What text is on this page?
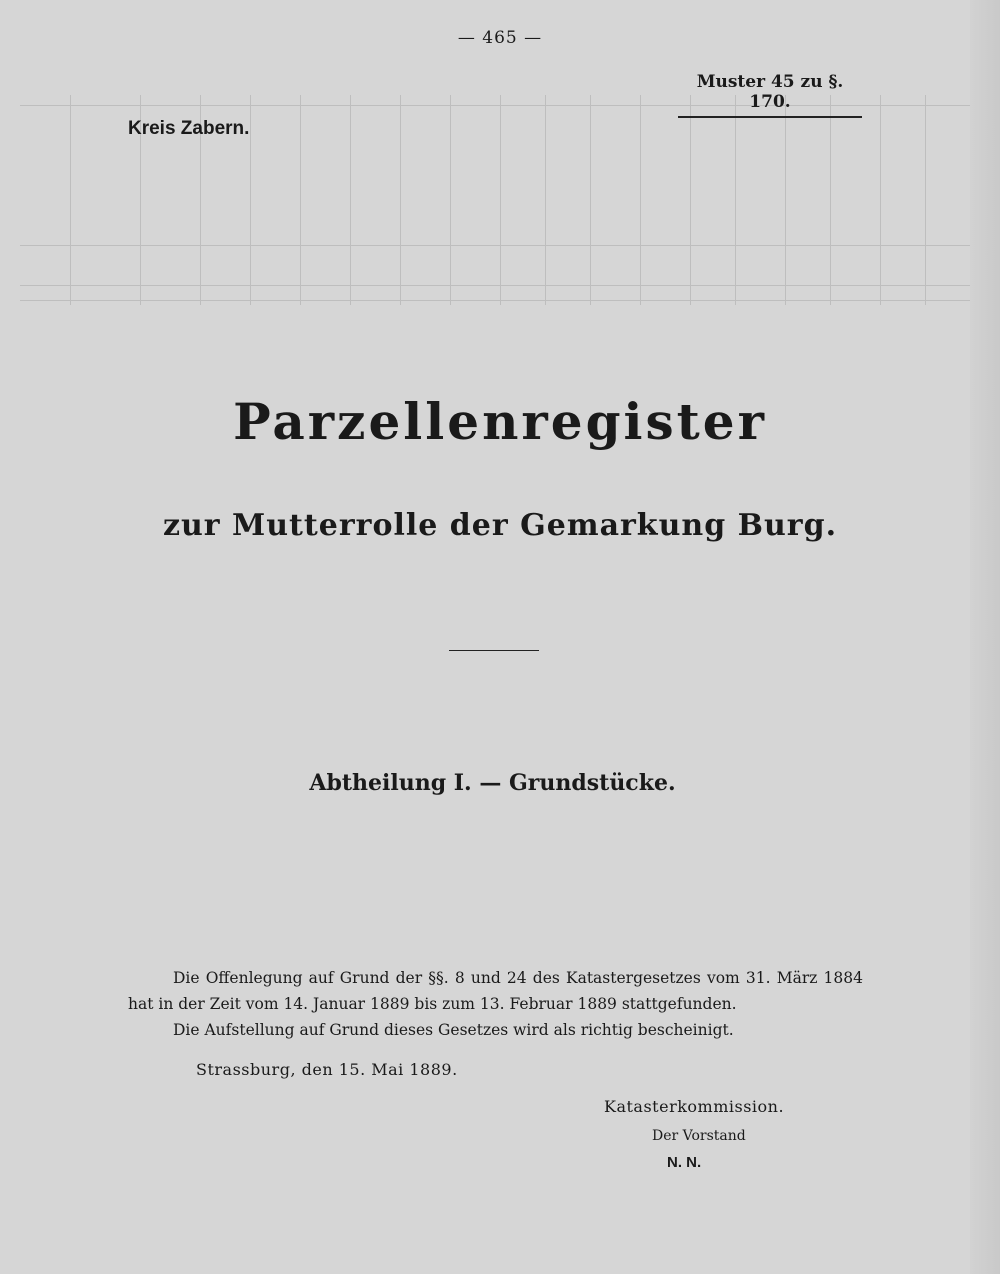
— 465 —
Muster 45 zu §. 170.
Kreis Zabern.
Parzellenregister
zur Mutterrolle der Gemarkung Burg.
Abtheilung I. — Grundstücke.
Die Offenlegung auf Grund der §§. 8 und 24 des Katastergesetzes vom 31. März 1884
hat in der Zeit vom 14. Januar 1889 bis zum 13. Februar 1889 stattgefunden.
Die Aufstellung auf Grund dieses Gesetzes wird als richtig bescheinigt.
Strassburg, den 15. Mai 1889.
Katasterkommission.
Der Vorstand
N. N.
